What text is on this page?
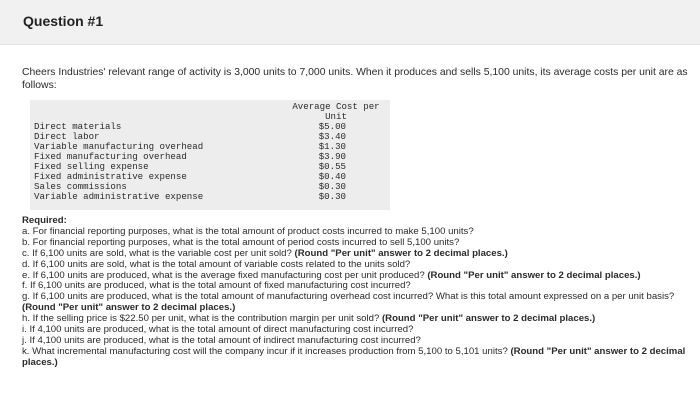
Question #1
Cheers Industries' relevant range of activity is 3,000 units to 7,000 units. When it produces and sells 5,100 units, its average costs per unit are as follows:
Average Cost per
Unit
Direct materials	$5.00
Direct labor	$3.40
Variable manufacturing overhead	$1.30
Fixed manufacturing overhead	$3.90
Fixed selling expense	$0.55
Fixed administrative expense	$0.40
Sales commissions	$0.30
Variable administrative expense	$0.30
Required:
a. For financial reporting purposes, what is the total amount of product costs incurred to make 5,100 units?
b. For financial reporting purposes, what is the total amount of period costs incurred to sell 5,100 units?
c. If 6,100 units are sold, what is the variable cost per unit sold? (Round "Per unit" answer to 2 decimal places.)
d. If 6,100 units are sold, what is the total amount of variable costs related to the units sold?
e. If 6,100 units are produced, what is the average fixed manufacturing cost per unit produced? (Round "Per unit" answer to 2 decimal places.)
f. If 6,100 units are produced, what is the total amount of fixed manufacturing cost incurred?
g. If 6,100 units are produced, what is the total amount of manufacturing overhead cost incurred? What is this total amount expressed on a per unit basis? (Round "Per unit" answer to 2 decimal places.)
h. If the selling price is $22.50 per unit, what is the contribution margin per unit sold? (Round "Per unit" answer to 2 decimal places.)
i. If 4,100 units are produced, what is the total amount of direct manufacturing cost incurred?
j. If 4,100 units are produced, what is the total amount of indirect manufacturing cost incurred?
k. What incremental manufacturing cost will the company incur if it increases production from 5,100 to 5,101 units? (Round "Per unit" answer to 2 decimal places.)
